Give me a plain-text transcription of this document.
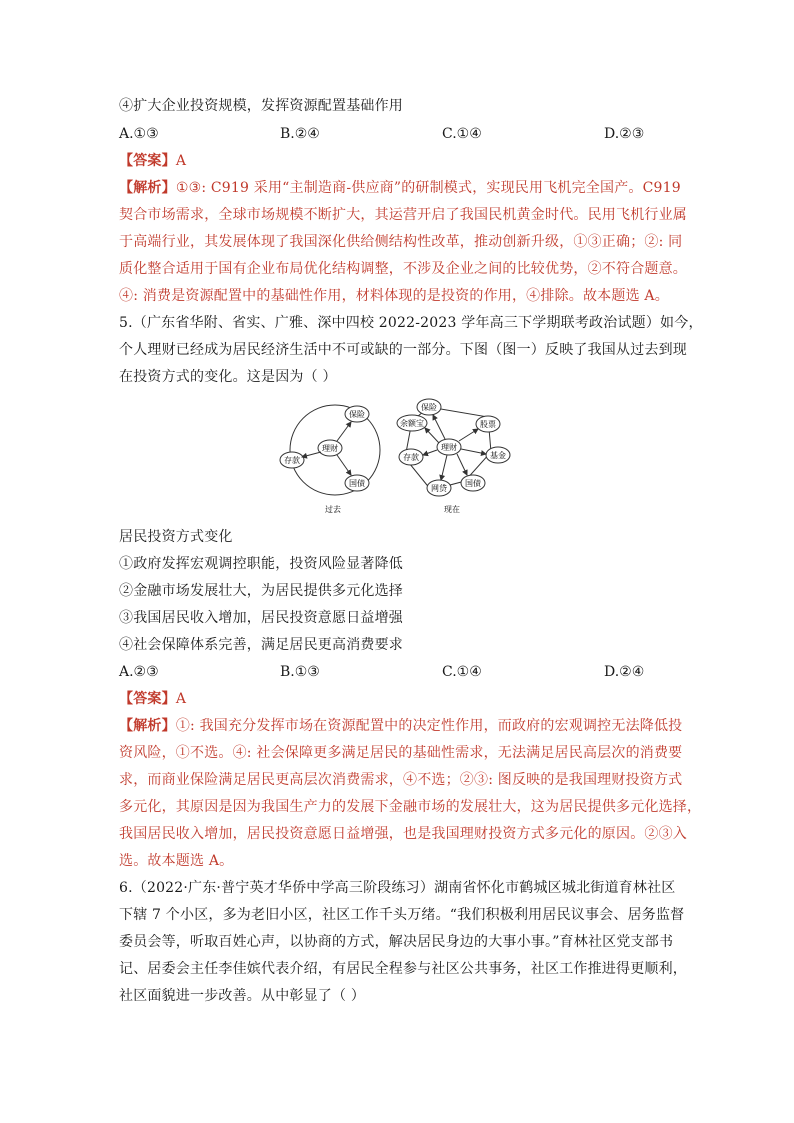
④扩大企业投资规模，发挥资源配置基础作用
A.①③	B.②④	C.①④	D.②③
【答案】A
【解析】①③: C919 采用“主制造商-供应商”的研制模式，实现民用飞机完全国产。C919
契合市场需求，全球市场规模不断扩大，其运营开启了我国民机黄金时代。民用飞机行业属
于高端行业，其发展体现了我国深化供给侧结构性改革，推动创新升级，①③正确；②: 同
质化整合适用于国有企业布局优化结构调整，不涉及企业之间的比较优势，②不符合题意。
④: 消费是资源配置中的基础性作用，材料体现的是投资的作用，④排除。故本题选 A。
5.（广东省华附、省实、广雅、深中四校 2022-2023 学年高三下学期联考政治试题）如今，
个人理财已经成为居民经济生活中不可或缺的一部分。下图（图一）反映了我国从过去到现
在投资方式的变化。这是因为（ ）
保险
存款
国债
理财
过去
保险
余额宝	股票
基金
存款
国债
网贷
理财
现在
居民投资方式变化
①政府发挥宏观调控职能，投资风险显著降低
②金融市场发展壮大，为居民提供多元化选择
③我国居民收入增加，居民投资意愿日益增强
④社会保障体系完善，满足居民更高消费要求
A.②③	B.①③	C.①④	D.②④
【答案】A
【解析】①: 我国充分发挥市场在资源配置中的决定性作用，而政府的宏观调控无法降低投
资风险，①不选。④: 社会保障更多满足居民的基础性需求，无法满足居民高层次的消费要
求，而商业保险满足居民更高层次消费需求，④不选；②③: 图反映的是我国理财投资方式
多元化，其原因是因为我国生产力的发展下金融市场的发展壮大，这为居民提供多元化选择，
我国居民收入增加，居民投资意愿日益增强，也是我国理财投资方式多元化的原因。②③入
选。故本题选 A。
6.（2022·广东·普宁英才华侨中学高三阶段练习）湖南省怀化市鹤城区城北街道育林社区
下辖 7 个小区，多为老旧小区，社区工作千头万绪。“我们积极利用居民议事会、居务监督
委员会等，听取百姓心声，以协商的方式，解决居民身边的大事小事。”育林社区党支部书
记、居委会主任李佳嫔代表介绍，有居民全程参与社区公共事务，社区工作推进得更顺利，
社区面貌进一步改善。从中彰显了（ ）
